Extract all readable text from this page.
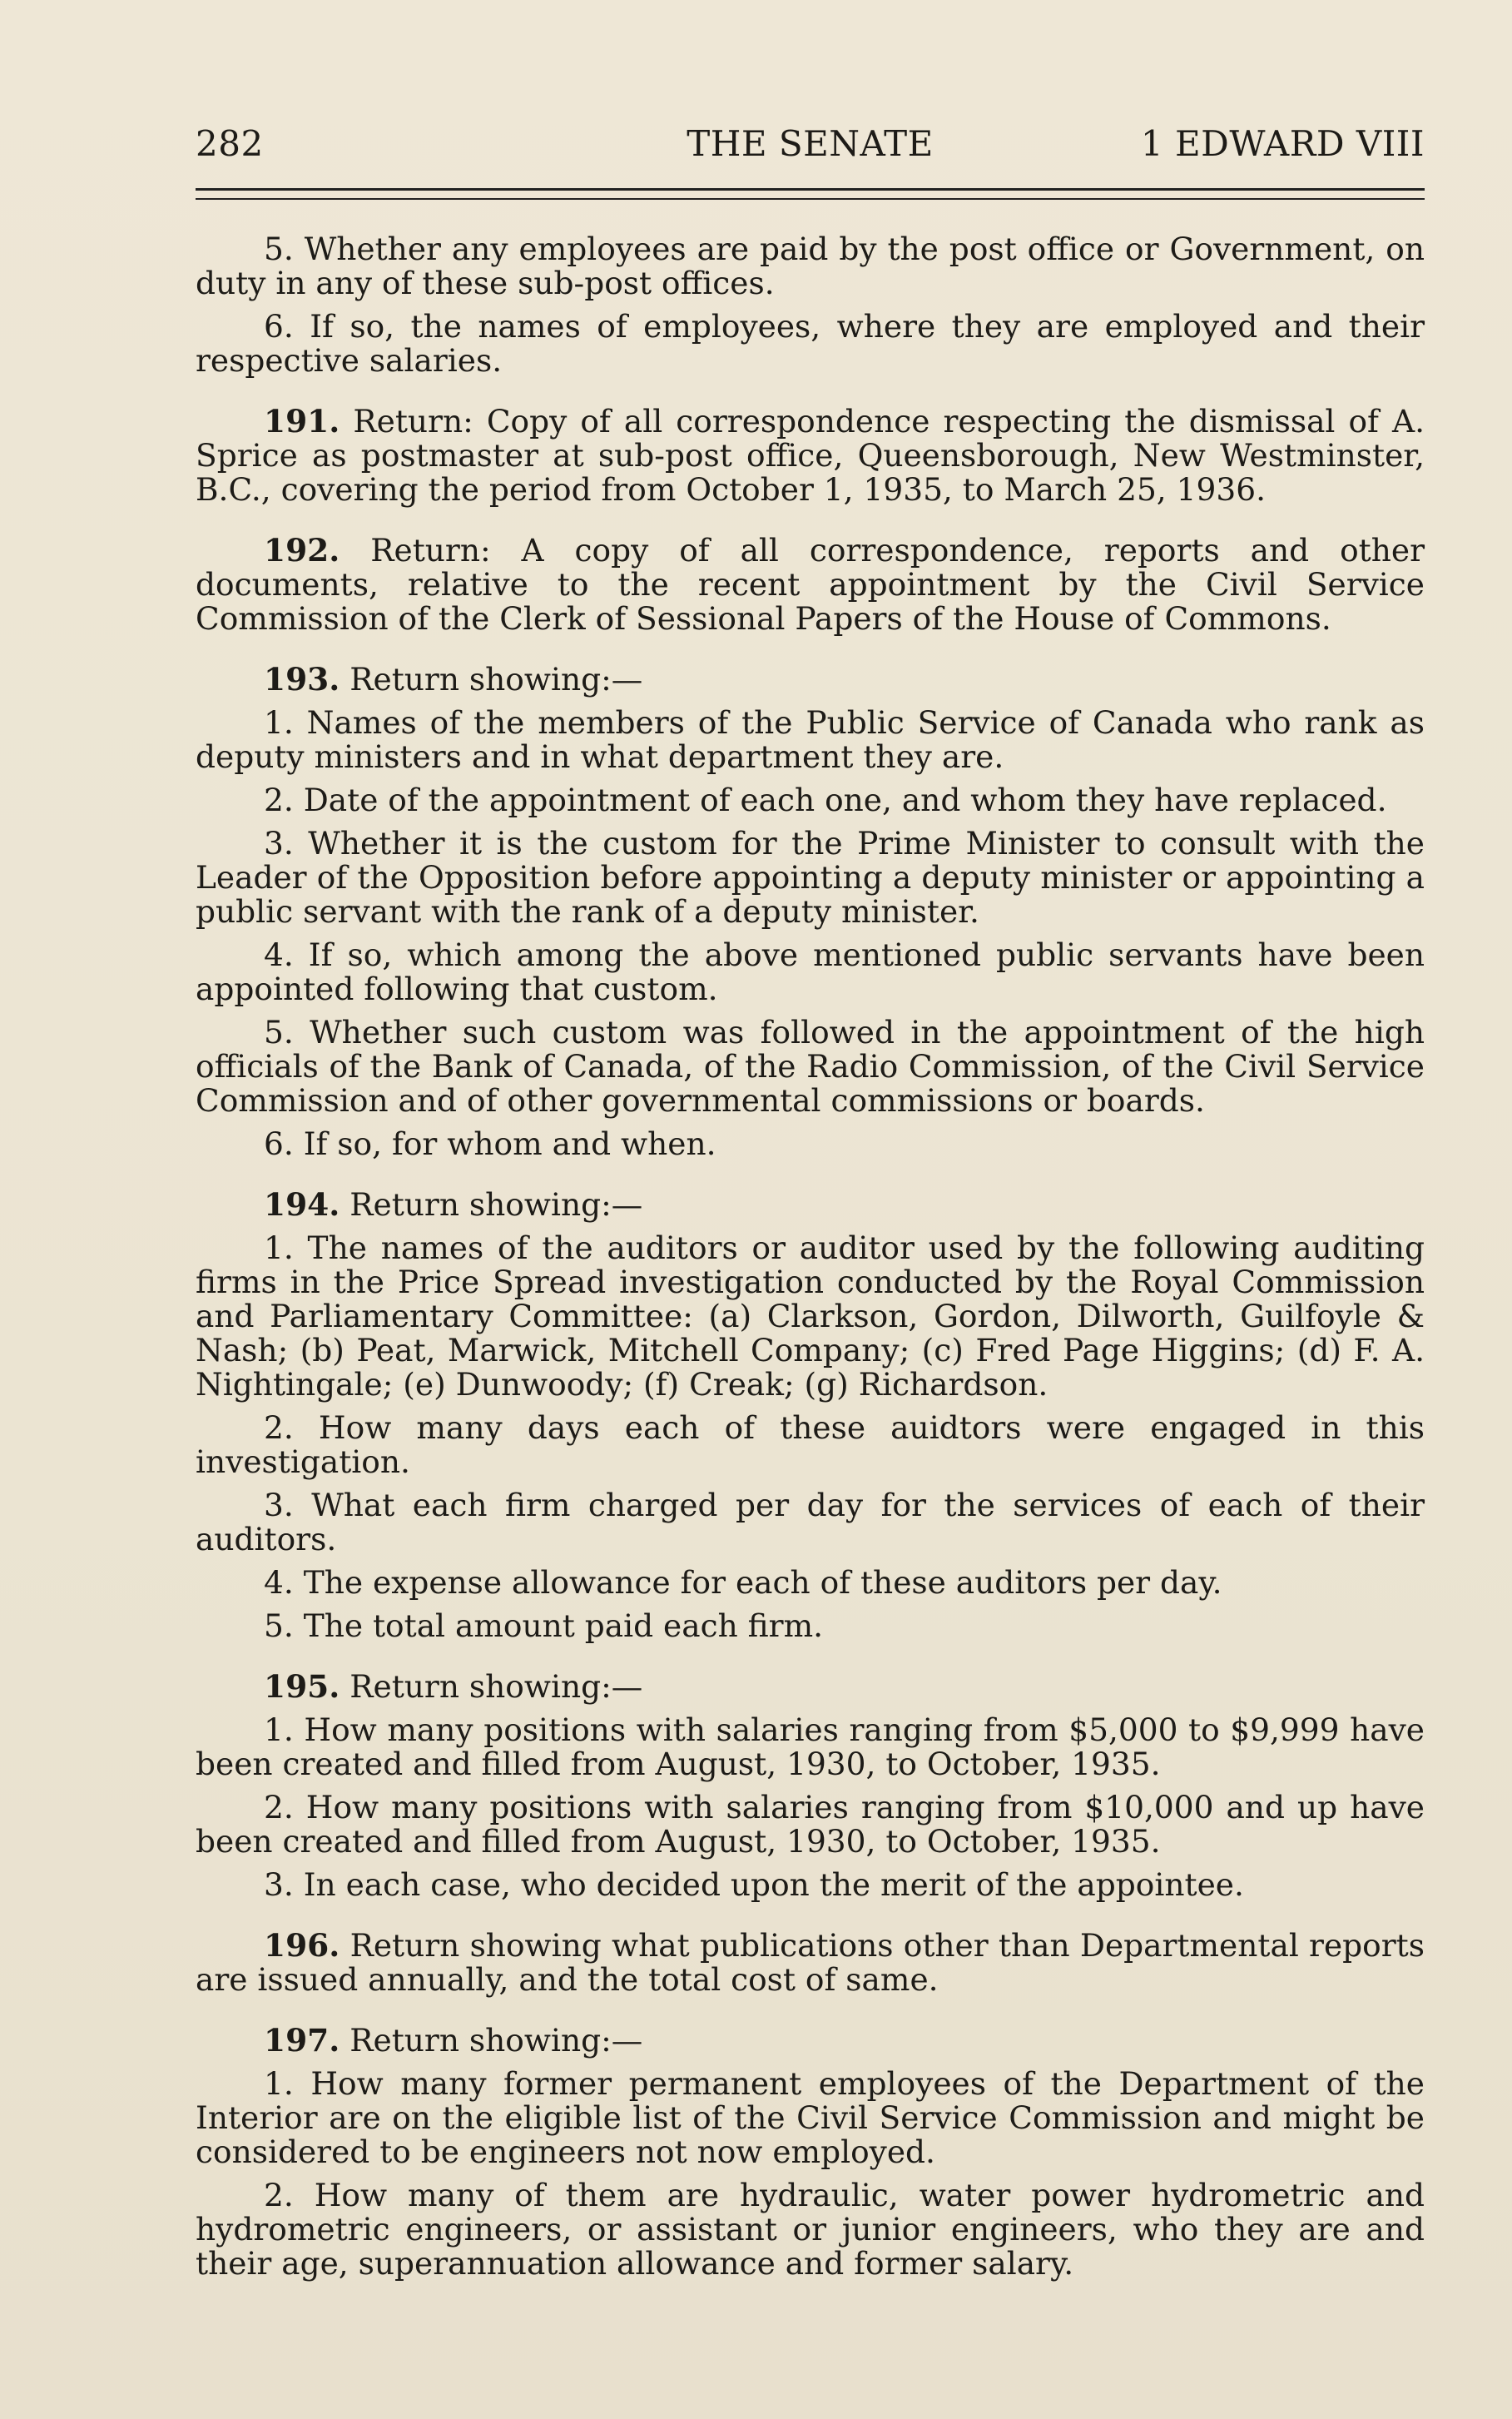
282	THE SENATE	1 EDWARD VIII

5. Whether any employees are paid by the post office or Government, on duty in any of these sub-post offices.

6. If so, the names of employees, where they are employed and their respective salaries.

191. Return: Copy of all correspondence respecting the dismissal of A. Sprice as postmaster at sub-post office, Queensborough, New Westminster, B.C., covering the period from October 1, 1935, to March 25, 1936.

192. Return: A copy of all correspondence, reports and other documents, relative to the recent appointment by the Civil Service Commission of the Clerk of Sessional Papers of the House of Commons.

193. Return showing:—

1. Names of the members of the Public Service of Canada who rank as deputy ministers and in what department they are.

2. Date of the appointment of each one, and whom they have replaced.

3. Whether it is the custom for the Prime Minister to consult with the Leader of the Opposition before appointing a deputy minister or appointing a public servant with the rank of a deputy minister.

4. If so, which among the above mentioned public servants have been appointed following that custom.

5. Whether such custom was followed in the appointment of the high officials of the Bank of Canada, of the Radio Commission, of the Civil Service Commission and of other governmental commissions or boards.

6. If so, for whom and when.

194. Return showing:—

1. The names of the auditors or auditor used by the following auditing firms in the Price Spread investigation conducted by the Royal Commission and Parliamentary Committee: (a) Clarkson, Gordon, Dilworth, Guilfoyle & Nash; (b) Peat, Marwick, Mitchell Company; (c) Fred Page Higgins; (d) F. A. Nightingale; (e) Dunwoody; (f) Creak; (g) Richardson.

2. How many days each of these auidtors were engaged in this investigation.

3. What each firm charged per day for the services of each of their auditors.

4. The expense allowance for each of these auditors per day.

5. The total amount paid each firm.

195. Return showing:—

1. How many positions with salaries ranging from $5,000 to $9,999 have been created and filled from August, 1930, to October, 1935.

2. How many positions with salaries ranging from $10,000 and up have been created and filled from August, 1930, to October, 1935.

3. In each case, who decided upon the merit of the appointee.

196. Return showing what publications other than Departmental reports are issued annually, and the total cost of same.

197. Return showing:—

1. How many former permanent employees of the Department of the Interior are on the eligible list of the Civil Service Commission and might be considered to be engineers not now employed.

2. How many of them are hydraulic, water power hydrometric and hydrometric engineers, or assistant or junior engineers, who they are and their age, superannuation allowance and former salary.
